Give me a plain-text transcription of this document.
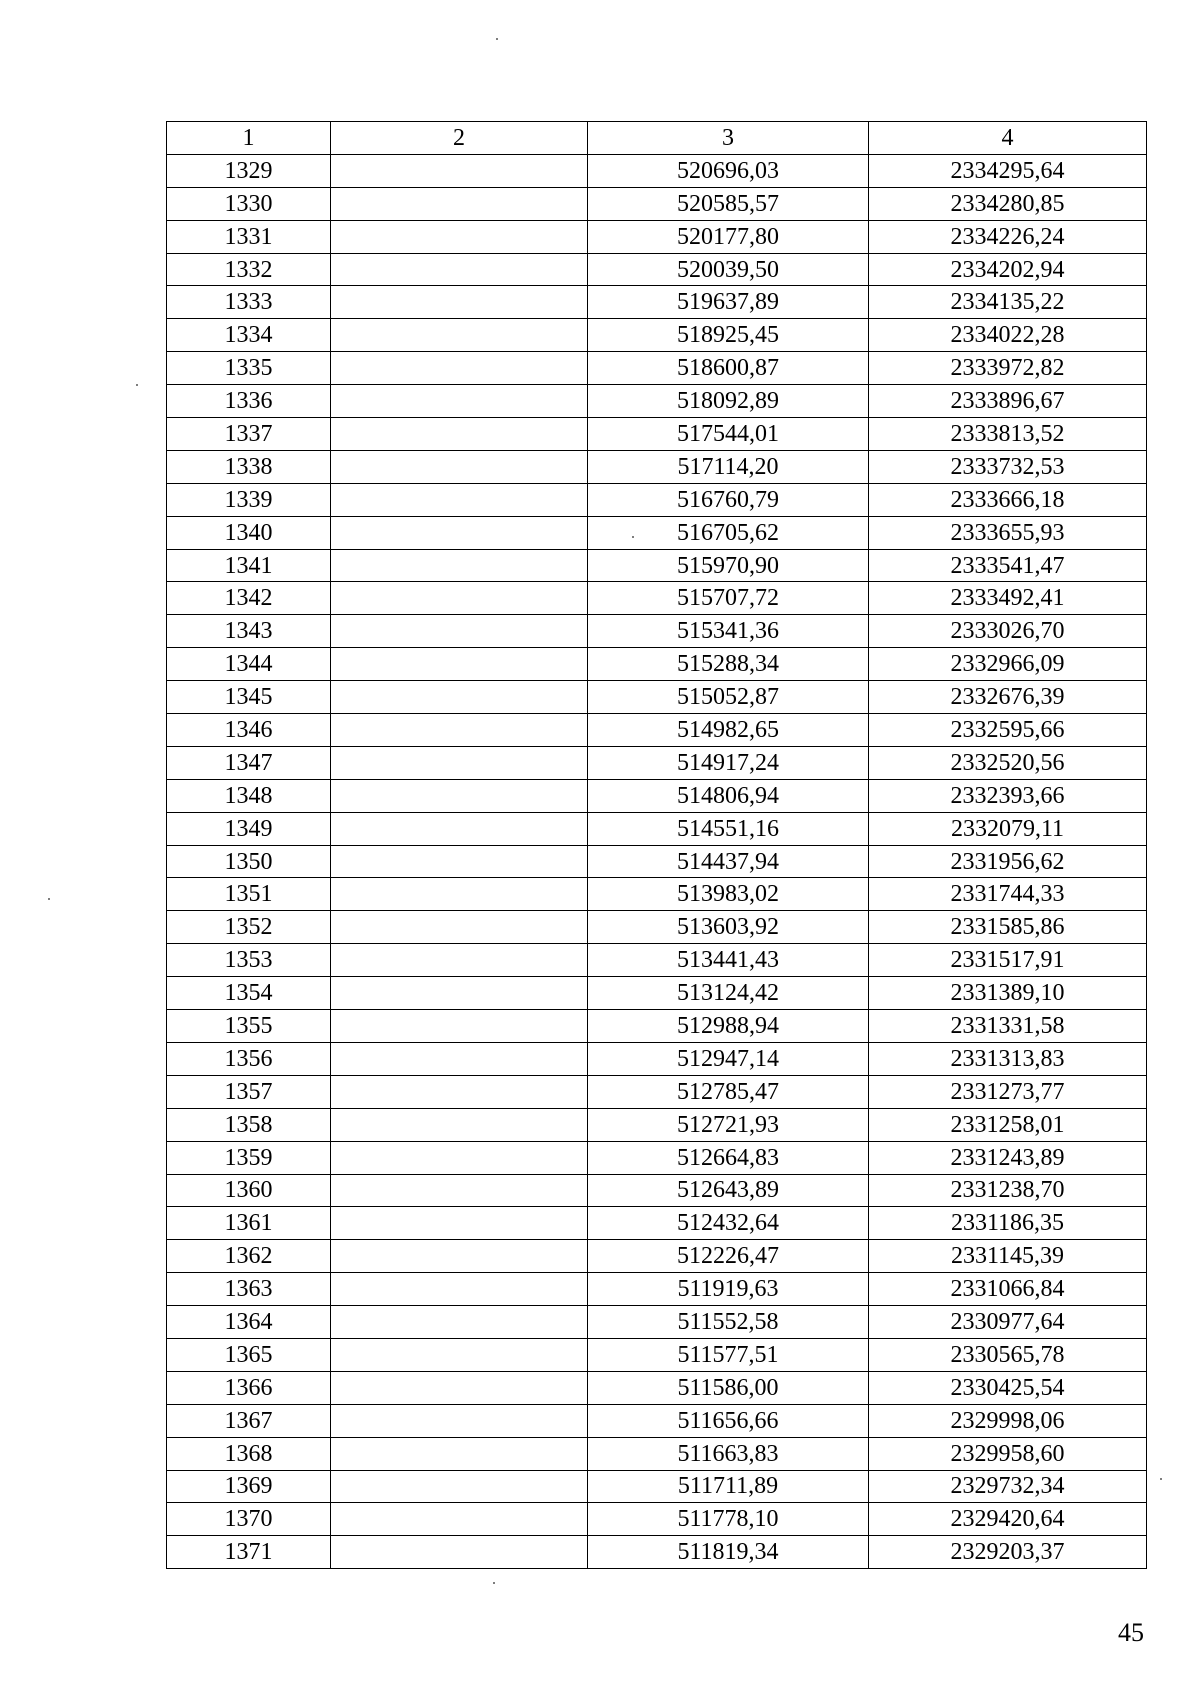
1	2	3	4
1329		520696,03	2334295,64
1330		520585,57	2334280,85
1331		520177,80	2334226,24
1332		520039,50	2334202,94
1333		519637,89	2334135,22
1334		518925,45	2334022,28
1335		518600,87	2333972,82
1336		518092,89	2333896,67
1337		517544,01	2333813,52
1338		517114,20	2333732,53
1339		516760,79	2333666,18
1340		516705,62	2333655,93
1341		515970,90	2333541,47
1342		515707,72	2333492,41
1343		515341,36	2333026,70
1344		515288,34	2332966,09
1345		515052,87	2332676,39
1346		514982,65	2332595,66
1347		514917,24	2332520,56
1348		514806,94	2332393,66
1349		514551,16	2332079,11
1350		514437,94	2331956,62
1351		513983,02	2331744,33
1352		513603,92	2331585,86
1353		513441,43	2331517,91
1354		513124,42	2331389,10
1355		512988,94	2331331,58
1356		512947,14	2331313,83
1357		512785,47	2331273,77
1358		512721,93	2331258,01
1359		512664,83	2331243,89
1360		512643,89	2331238,70
1361		512432,64	2331186,35
1362		512226,47	2331145,39
1363		511919,63	2331066,84
1364		511552,58	2330977,64
1365		511577,51	2330565,78
1366		511586,00	2330425,54
1367		511656,66	2329998,06
1368		511663,83	2329958,60
1369		511711,89	2329732,34
1370		511778,10	2329420,64
1371		511819,34	2329203,37
45
